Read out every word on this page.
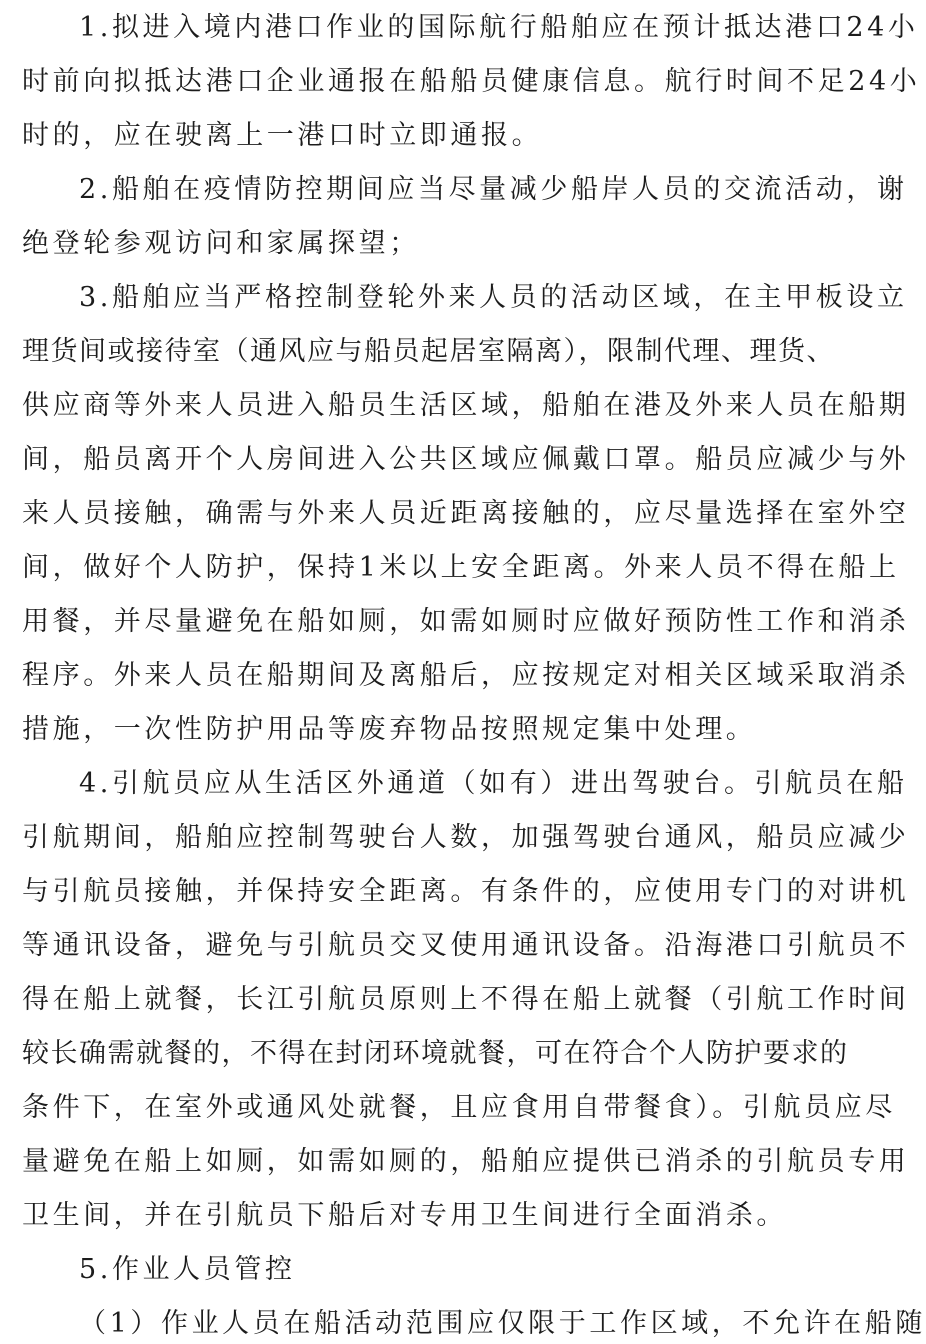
1.拟进入境内港口作业的国际航行船舶应在预计抵达港口24小
时前向拟抵达港口企业通报在船船员健康信息。航行时间不足24小
时的，应在驶离上一港口时立即通报。
2.船舶在疫情防控期间应当尽量减少船岸人员的交流活动，谢
绝登轮参观访问和家属探望；
3.船舶应当严格控制登轮外来人员的活动区域，在主甲板设立
理货间或接待室（通风应与船员起居室隔离），限制代理、理货、
供应商等外来人员进入船员生活区域，船舶在港及外来人员在船期
间，船员离开个人房间进入公共区域应佩戴口罩。船员应减少与外
来人员接触，确需与外来人员近距离接触的，应尽量选择在室外空
间，做好个人防护，保持1米以上安全距离。外来人员不得在船上
用餐，并尽量避免在船如厕，如需如厕时应做好预防性工作和消杀
程序。外来人员在船期间及离船后，应按规定对相关区域采取消杀
措施，一次性防护用品等废弃物品按照规定集中处理。
4.引航员应从生活区外通道（如有）进出驾驶台。引航员在船
引航期间，船舶应控制驾驶台人数，加强驾驶台通风，船员应减少
与引航员接触，并保持安全距离。有条件的，应使用专门的对讲机
等通讯设备，避免与引航员交叉使用通讯设备。沿海港口引航员不
得在船上就餐，长江引航员原则上不得在船上就餐（引航工作时间
较长确需就餐的，不得在封闭环境就餐，可在符合个人防护要求的
条件下，在室外或通风处就餐，且应食用自带餐食）。引航员应尽
量避免在船上如厕，如需如厕的，船舶应提供已消杀的引航员专用
卫生间，并在引航员下船后对专用卫生间进行全面消杀。
5.作业人员管控
（1）作业人员在船活动范围应仅限于工作区域，不允许在船随
